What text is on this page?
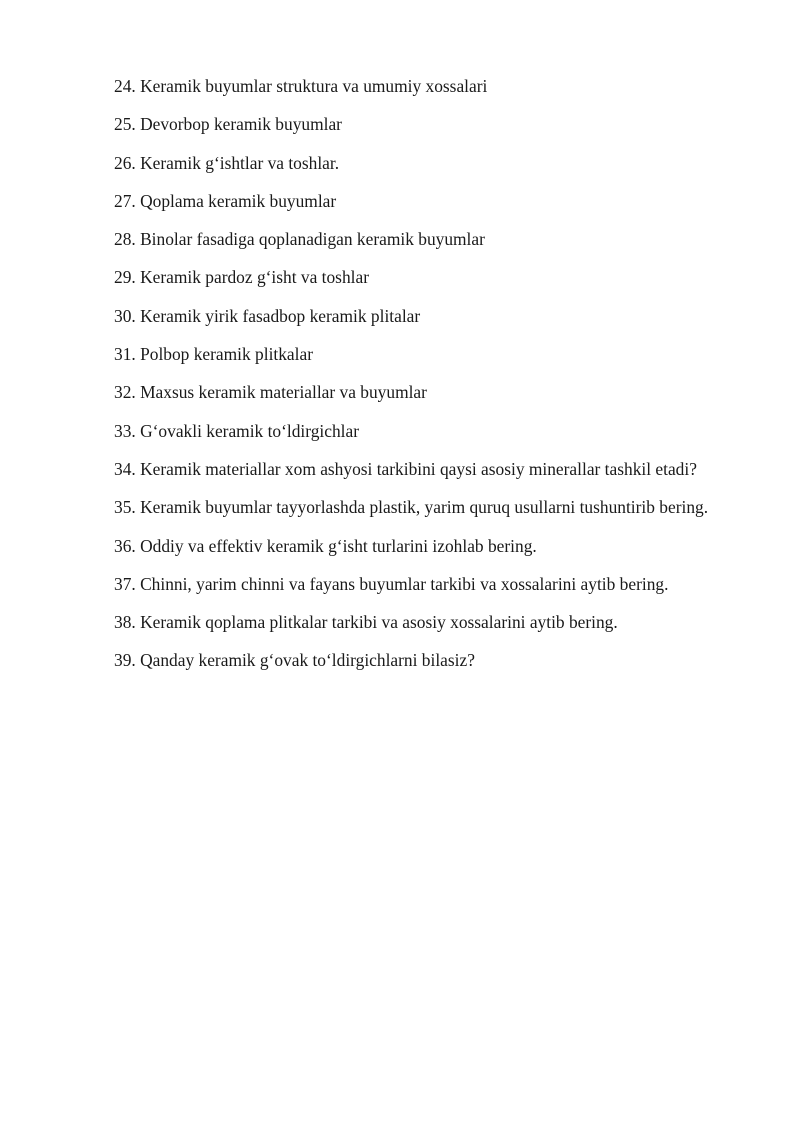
24. Keramik buyumlar struktura va umumiy xossalari
25. Devorbop keramik buyumlar
26. Keramik g‘ishtlar va toshlar.
27. Qoplama keramik buyumlar
28. Binolar fasadiga qoplanadigan keramik buyumlar
29. Keramik pardoz g‘isht va toshlar
30. Keramik yirik fasadbop keramik plitalar
31. Polbop keramik plitkalar
32. Maxsus keramik materiallar va buyumlar
33. G‘ovakli keramik to‘ldirgichlar
34. Keramik materiallar xom ashyosi tarkibini qaysi asosiy minerallar tashkil etadi?
35. Keramik buyumlar tayyorlashda plastik, yarim quruq usullarni tushuntirib bering.
36. Oddiy va effektiv keramik g‘isht turlarini izohlab bering.
37. Chinni, yarim chinni va fayans buyumlar tarkibi va xossalarini aytib bering.
38. Keramik qoplama plitkalar tarkibi va asosiy xossalarini aytib bering.
39. Qanday keramik g‘ovak to‘ldirgichlarni bilasiz?
